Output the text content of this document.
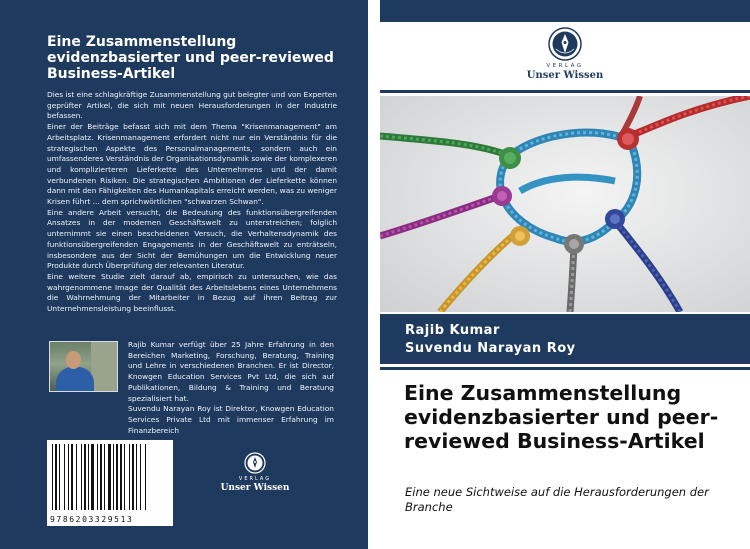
Eine Zusammenstellung evidenzbasierter und peer-reviewed Business-Artikel

Dies ist eine schlagkräftige Zusammenstellung gut belegter und von Experten geprüfter Artikel, die sich mit neuen Herausforderungen in der Industrie befassen.

Einer der Beiträge befasst sich mit dem Thema "Krisenmanagement" am Arbeitsplatz. Krisenmanagement erfordert nicht nur ein Verständnis für die strategischen Aspekte des Personalmanagements, sondern auch ein umfassenderes Verständnis der Organisationsdynamik sowie der komplexeren und komplizierteren Lieferkette des Unternehmens und der damit verbundenen Risiken. Die strategischen Ambitionen der Lieferkette können dann mit den Fähigkeiten des Humankapitals erreicht werden, was zu weniger Krisen führt ... dem sprichwörtlichen "schwarzen Schwan".

Eine andere Arbeit versucht, die Bedeutung des funktionsübergreifenden Ansatzes in der modernen Geschäftswelt zu unterstreichen; folglich unternimmt sie einen bescheidenen Versuch, die Verhaltensdynamik des funktionsübergreifenden Engagements in der Geschäftswelt zu enträtseln, insbesondere aus der Sicht der Bemühungen um die Entwicklung neuer Produkte durch Überprüfung der relevanten Literatur.

Eine weitere Studie zielt darauf ab, empirisch zu untersuchen, wie das wahrgenommene Image der Qualität des Arbeitslebens eines Unternehmens die Wahrnehmung der Mitarbeiter in Bezug auf ihren Beitrag zur Unternehmensleistung beeinflusst.

Rajib Kumar verfügt über 25 Jahre Erfahrung in den Bereichen Marketing, Forschung, Beratung, Training und Lehre in verschiedenen Branchen. Er ist Director, Knowgen Education Services Pvt Ltd, die sich auf Publikationen, Bildung & Training und Beratung spezialisiert hat.

Suvendu Narayan Roy ist Direktor, Knowgen Education Services Private Ltd mit immenser Erfahrung im Finanzbereich

9786203329513
VERLAG
Unser Wissen
VERLAG
Unser Wissen
Rajib Kumar
Suvendu Narayan Roy
Eine Zusammenstellung evidenzbasierter und peer-reviewed Business-Artikel
Eine neue Sichtweise auf die Herausforderungen der Branche
